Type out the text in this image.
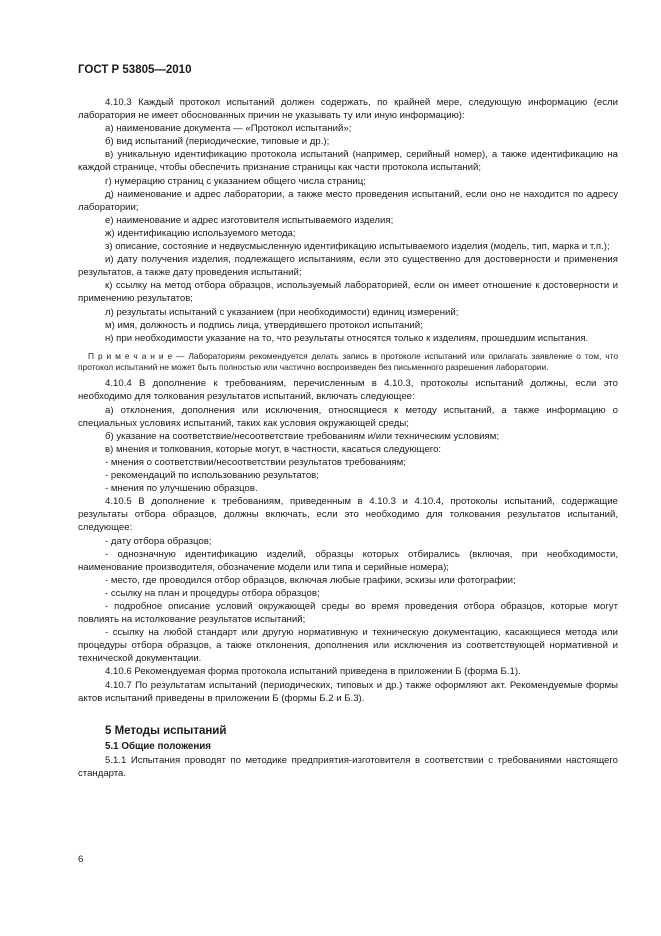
ГОСТ Р 53805—2010

4.10.3 Каждый протокол испытаний должен содержать, по крайней мере, следующую информацию (если лаборатория не имеет обоснованных причин не указывать ту или иную информацию):

а) наименование документа — «Протокол испытаний»;

б) вид испытаний (периодические, типовые и др.);

в) уникальную идентификацию протокола испытаний (например, серийный номер), а также идентификацию на каждой странице, чтобы обеспечить признание страницы как части протокола испытаний;

г) нумерацию страниц с указанием общего числа страниц;

д) наименование и адрес лаборатории, а также место проведения испытаний, если оно не находится по адресу лаборатории;

е) наименование и адрес изготовителя испытываемого изделия;

ж) идентификацию используемого метода;

з) описание, состояние и недвусмысленную идентификацию испытываемого изделия (модель, тип, марка и т.п.);

и) дату получения изделия, подлежащего испытаниям, если это существенно для достоверности и применения результатов, а также дату проведения испытаний;

к) ссылку на метод отбора образцов, используемый лабораторией, если он имеет отношение к достоверности и применению результатов;

л) результаты испытаний с указанием (при необходимости) единиц измерений;

м) имя, должность и подпись лица, утвердившего протокол испытаний;

н) при необходимости указание на то, что результаты относятся только к изделиям, прошедшим испытания.

П р и м е ч а н и е — Лабораториям рекомендуется делать запись в протоколе испытаний или прилагать заявление о том, что протокол испытаний не может быть полностью или частично воспроизведен без письменного разрешения лаборатории.

4.10.4 В дополнение к требованиям, перечисленным в 4.10.3, протоколы испытаний должны, если это необходимо для толкования результатов испытаний, включать следующее:

а) отклонения, дополнения или исключения, относящиеся к методу испытаний, а также информацию о специальных условиях испытаний, таких как условия окружающей среды;

б) указание на соответствие/несоответствие требованиям и/или техническим условиям;

в) мнения и толкования, которые могут, в частности, касаться следующего:

- мнения о соответствии/несоответствии результатов требованиям;

- рекомендаций по использованию результатов;

- мнения по улучшению образцов.

4.10.5 В дополнение к требованиям, приведенным в 4.10.3 и 4.10.4, протоколы испытаний, содержащие результаты отбора образцов, должны включать, если это необходимо для толкования результатов испытаний, следующее:

- дату отбора образцов;

- однозначную идентификацию изделий, образцы которых отбирались (включая, при необходимости, наименование производителя, обозначение модели или типа и серийные номера);

- место, где проводился отбор образцов, включая любые графики, эскизы или фотографии;

- ссылку на план и процедуры отбора образцов;

- подробное описание условий окружающей среды во время проведения отбора образцов, которые могут повлиять на истолкование результатов испытаний;

- ссылку на любой стандарт или другую нормативную и техническую документацию, касающиеся метода или процедуры отбора образцов, а также отклонения, дополнения или исключения из соответствующей нормативной и технической документации.

4.10.6 Рекомендуемая форма протокола испытаний приведена в приложении Б (форма Б.1).

4.10.7 По результатам испытаний (периодических, типовых и др.) также оформляют акт. Рекомендуемые формы актов испытаний приведены в приложении Б (формы Б.2 и Б.3).

5 Методы испытаний
5.1 Общие положения

5.1.1 Испытания проводят по методике предприятия-изготовителя в соответствии с требованиями настоящего стандарта.

6
